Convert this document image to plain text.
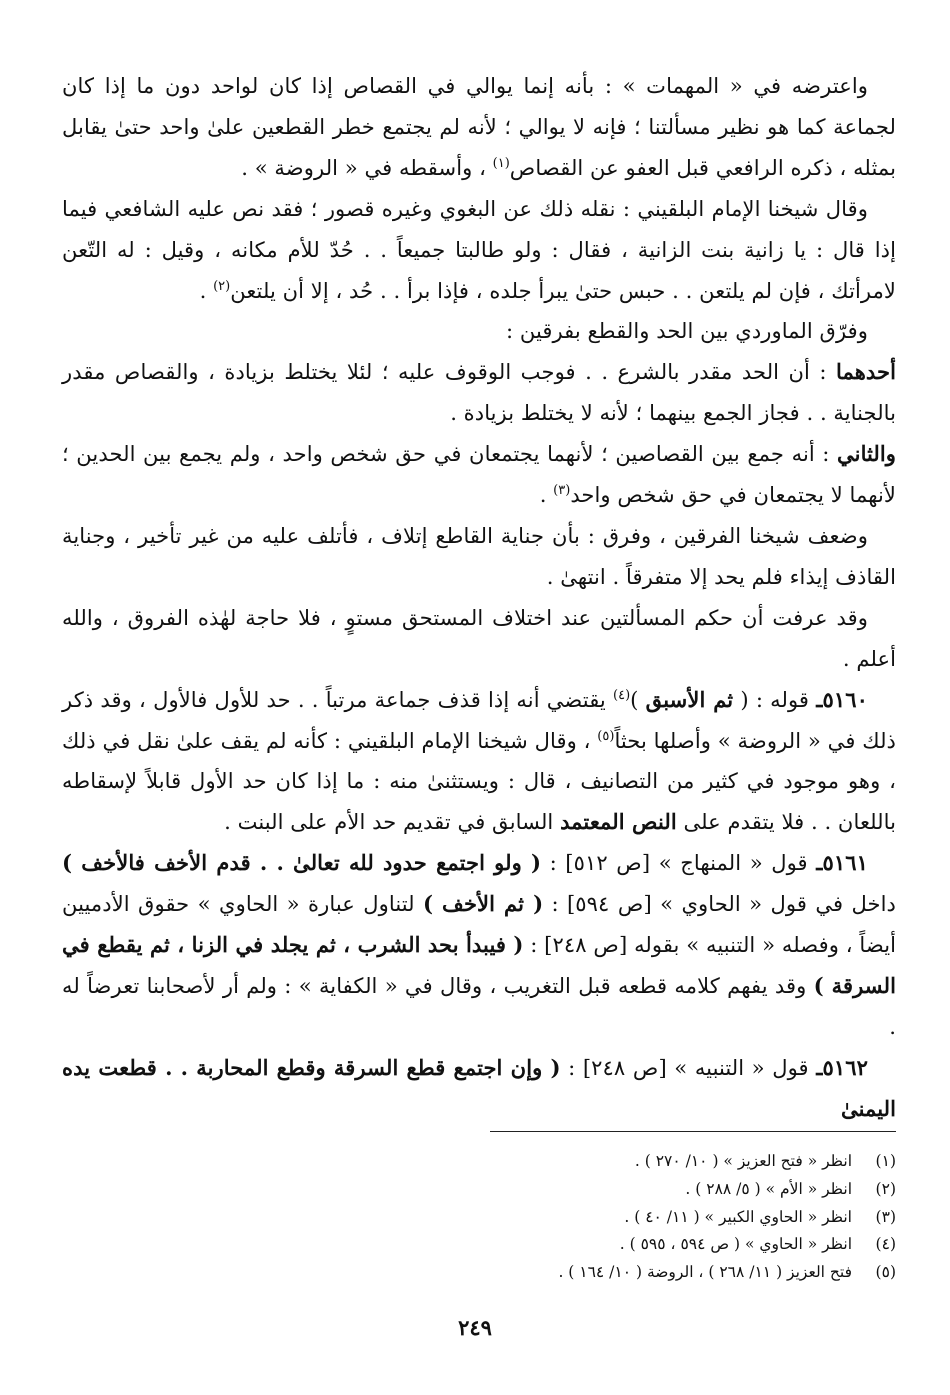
واعترضه في « المهمات » : بأنه إنما يوالي في القصاص إذا كان لواحد دون ما إذا كان لجماعة كما هو نظير مسألتنا ؛ فإنه لا يوالي ؛ لأنه لم يجتمع خطر القطعين علىٰ واحد حتىٰ يقابل بمثله ، ذكره الرافعي قبل العفو عن القصاص$^{(١)}$ ، وأسقطه في « الروضة » .

وقال شيخنا الإمام البلقيني : نقله ذلك عن البغوي وغيره قصور ؛ فقد نص عليه الشافعي فيما إذا قال : يا زانية بنت الزانية ، فقال : ولو طالبتا جميعاً . . حُدّ للأم مكانه ، وقيل : له التّعن لامرأتك ، فإن لم يلتعن . . حبس حتىٰ يبرأ جلده ، فإذا برأ . . حُد ، إلا أن يلتعن$^{(٢)}$ .

وفرّق الماوردي بين الحد والقطع بفرقين :

أحدهما : أن الحد مقدر بالشرع . . فوجب الوقوف عليه ؛ لئلا يختلط بزيادة ، والقصاص مقدر بالجناية . . فجاز الجمع بينهما ؛ لأنه لا يختلط بزيادة .

والثاني : أنه جمع بين القصاصين ؛ لأنهما يجتمعان في حق شخص واحد ، ولم يجمع بين الحدين ؛ لأنهما لا يجتمعان في حق شخص واحد$^{(٣)}$ .

وضعف شيخنا الفرقين ، وفرق : بأن جناية القاطع إتلاف ، فأتلف عليه من غير تأخير ، وجناية القاذف إيذاء فلم يحد إلا متفرقاً . انتهىٰ .

وقد عرفت أن حكم المسألتين عند اختلاف المستحق مستوٍ ، فلا حاجة لهٰذه الفروق ، والله أعلم .

٥١٦٠ـ قوله : ( ثم الأسبق )$^{(٤)}$ يقتضي أنه إذا قذف جماعة مرتباً . . حد للأول فالأول ، وقد ذكر ذلك في « الروضة » وأصلها بحثاً$^{(٥)}$ ، وقال شيخنا الإمام البلقيني : كأنه لم يقف علىٰ نقل في ذلك ، وهو موجود في كثير من التصانيف ، قال : ويستثنىٰ منه : ما إذا كان حد الأول قابلاً لإسقاطه باللعان . . فلا يتقدم على النص المعتمد السابق في تقديم حد الأم على البنت .

٥١٦١ـ قول « المنهاج » [ص ٥١٢] : ( ولو اجتمع حدود لله تعالىٰ . . قدم الأخف فالأخف ) داخل في قول « الحاوي » [ص ٥٩٤] : ( ثم الأخف ) لتناول عبارة « الحاوي » حقوق الأدميين أيضاً ، وفصله « التنبيه » بقوله [ص ٢٤٨] : ( فيبدأ بحد الشرب ، ثم يجلد في الزنا ، ثم يقطع في السرقة ) وقد يفهم كلامه قطعه قبل التغريب ، وقال في « الكفاية » : ولم أر لأصحابنا تعرضاً له .

٥١٦٢ـ قول « التنبيه » [ص ٢٤٨] : ( وإن اجتمع قطع السرقة وقطع المحاربة . . قطعت يده اليمنىٰ

(١)
انظر « فتح العزيز » ( ١٠/ ٢٧٠ ) .
(٢)
انظر « الأم » ( ٥/ ٢٨٨ ) .
(٣)
انظر « الحاوي الكبير » ( ١١/ ٤٠ ) .
(٤)
انظر « الحاوي » ( ص ٥٩٤ ، ٥٩٥ ) .
(٥)
فتح العزيز ( ١١/ ٢٦٨ ) ، الروضة ( ١٠/ ١٦٤ ) .
٢٤٩
